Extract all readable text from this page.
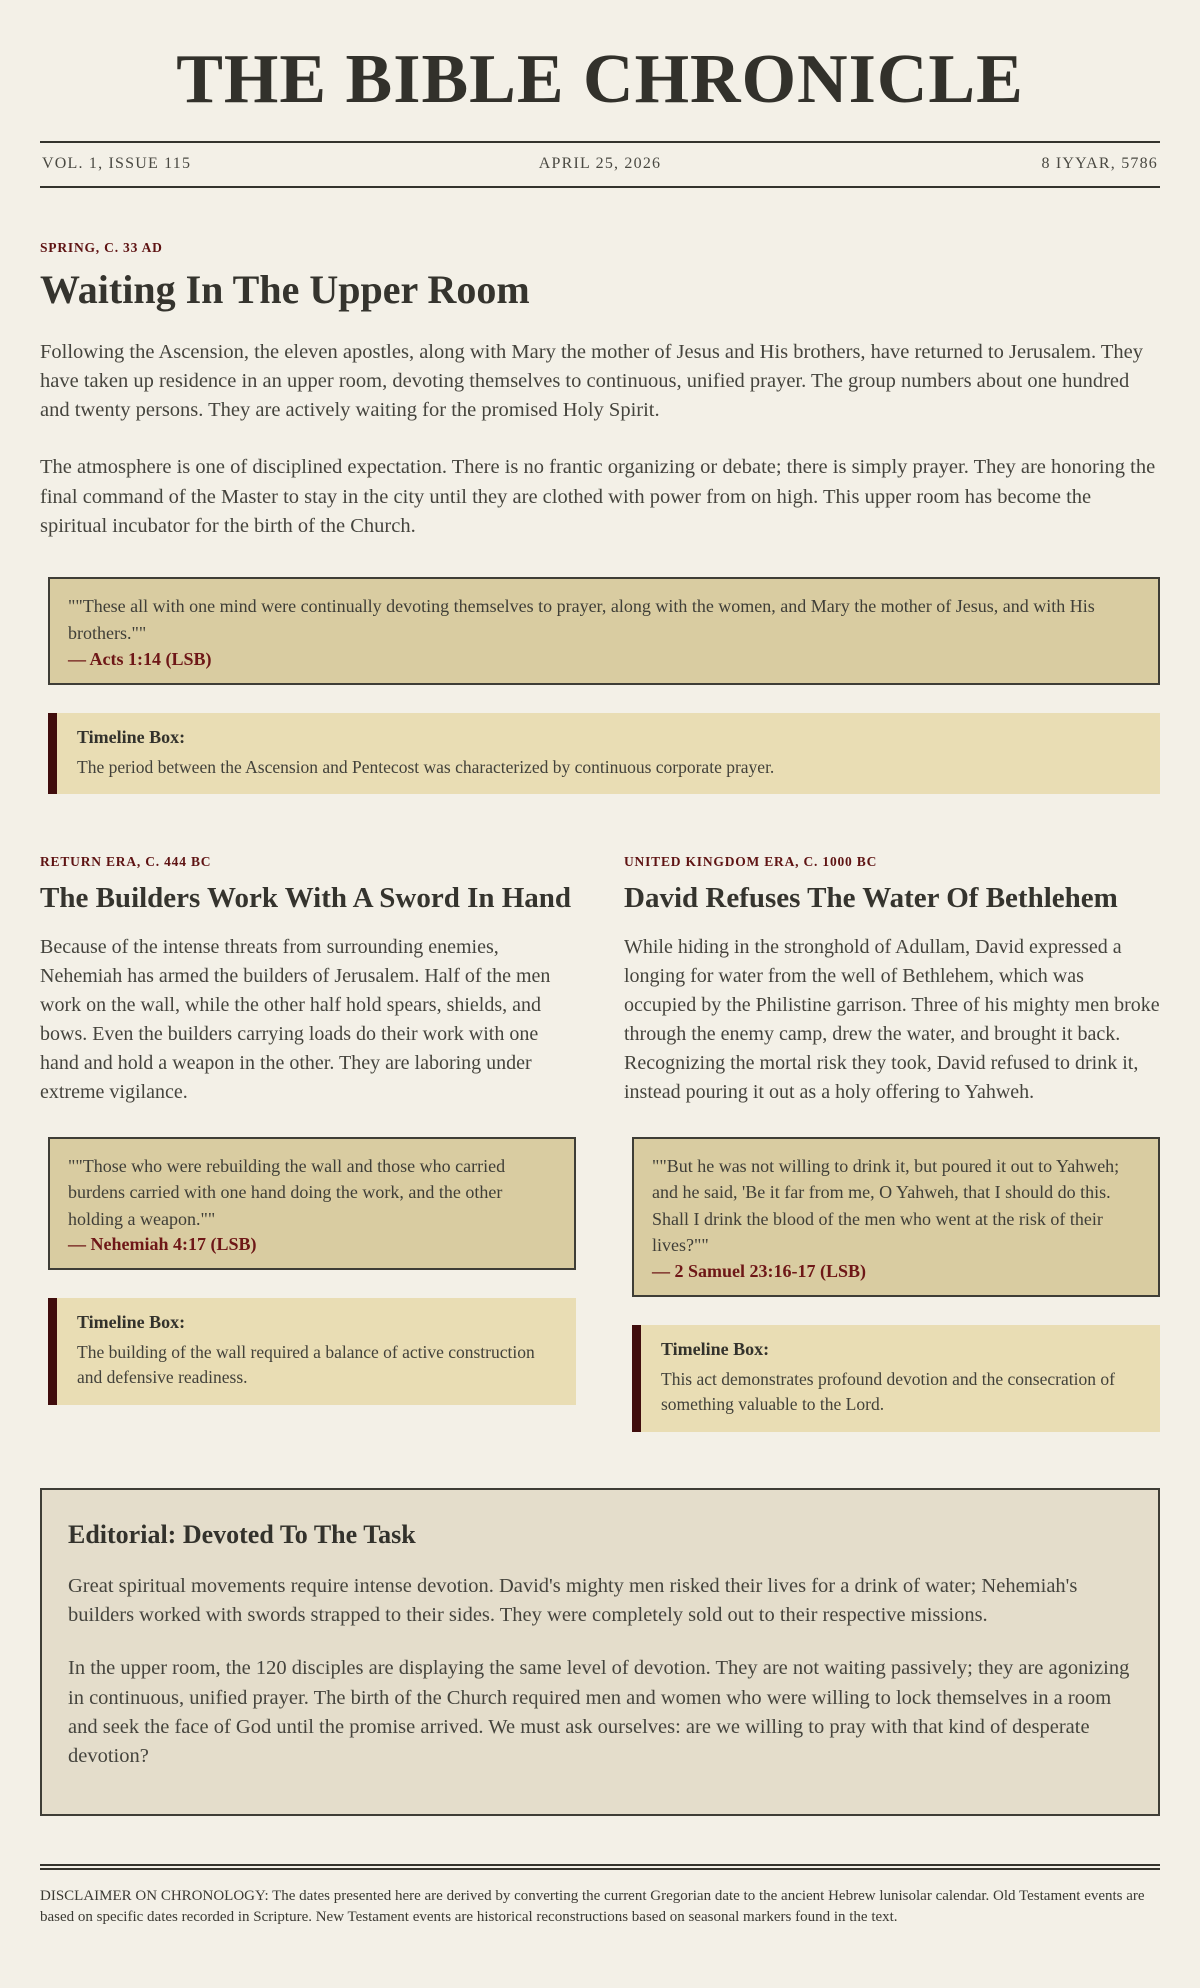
THE BIBLE CHRONICLE
VOL. 1, ISSUE 115	APRIL 25, 2026	8 IYYAR, 5786
SPRING, C. 33 AD
Waiting In The Upper Room

Following the Ascension, the eleven apostles, along with Mary the mother of Jesus and His brothers, have returned to Jerusalem. They have taken up residence in an upper room, devoting themselves to continuous, unified prayer. The group numbers about one hundred and twenty persons. They are actively waiting for the promised Holy Spirit.

The atmosphere is one of disciplined expectation. There is no frantic organizing or debate; there is simply prayer. They are honoring the final command of the Master to stay in the city until they are clothed with power from on high. This upper room has become the spiritual incubator for the birth of the Church.

""These all with one mind were continually devoting themselves to prayer, along with the women, and Mary the mother of Jesus, and with His brothers.""

— Acts 1:14 (LSB)
Timeline Box:
The period between the Ascension and Pentecost was characterized by continuous corporate prayer.
RETURN ERA, C. 444 BC
The Builders Work With A Sword In Hand

Because of the intense threats from surrounding enemies, Nehemiah has armed the builders of Jerusalem. Half of the men work on the wall, while the other half hold spears, shields, and bows. Even the builders carrying loads do their work with one hand and hold a weapon in the other. They are laboring under extreme vigilance.

""Those who were rebuilding the wall and those who carried burdens carried with one hand doing the work, and the other holding a weapon.""

— Nehemiah 4:17 (LSB)
Timeline Box:
The building of the wall required a balance of active construction and defensive readiness.
UNITED KINGDOM ERA, C. 1000 BC
David Refuses The Water Of Bethlehem

While hiding in the stronghold of Adullam, David expressed a longing for water from the well of Bethlehem, which was occupied by the Philistine garrison. Three of his mighty men broke through the enemy camp, drew the water, and brought it back. Recognizing the mortal risk they took, David refused to drink it, instead pouring it out as a holy offering to Yahweh.

""But he was not willing to drink it, but poured it out to Yahweh; and he said, 'Be it far from me, O Yahweh, that I should do this. Shall I drink the blood of the men who went at the risk of their lives?""

— 2 Samuel 23:16-17 (LSB)
Timeline Box:
This act demonstrates profound devotion and the consecration of something valuable to the Lord.
Editorial: Devoted To The Task

Great spiritual movements require intense devotion. David's mighty men risked their lives for a drink of water; Nehemiah's builders worked with swords strapped to their sides. They were completely sold out to their respective missions.

In the upper room, the 120 disciples are displaying the same level of devotion. They are not waiting passively; they are agonizing in continuous, unified prayer. The birth of the Church required men and women who were willing to lock themselves in a room and seek the face of God until the promise arrived. We must ask ourselves: are we willing to pray with that kind of desperate devotion?

DISCLAIMER ON CHRONOLOGY: The dates presented here are derived by converting the current Gregorian date to the ancient Hebrew lunisolar calendar. Old Testament events are based on specific dates recorded in Scripture. New Testament events are historical reconstructions based on seasonal markers found in the text.
